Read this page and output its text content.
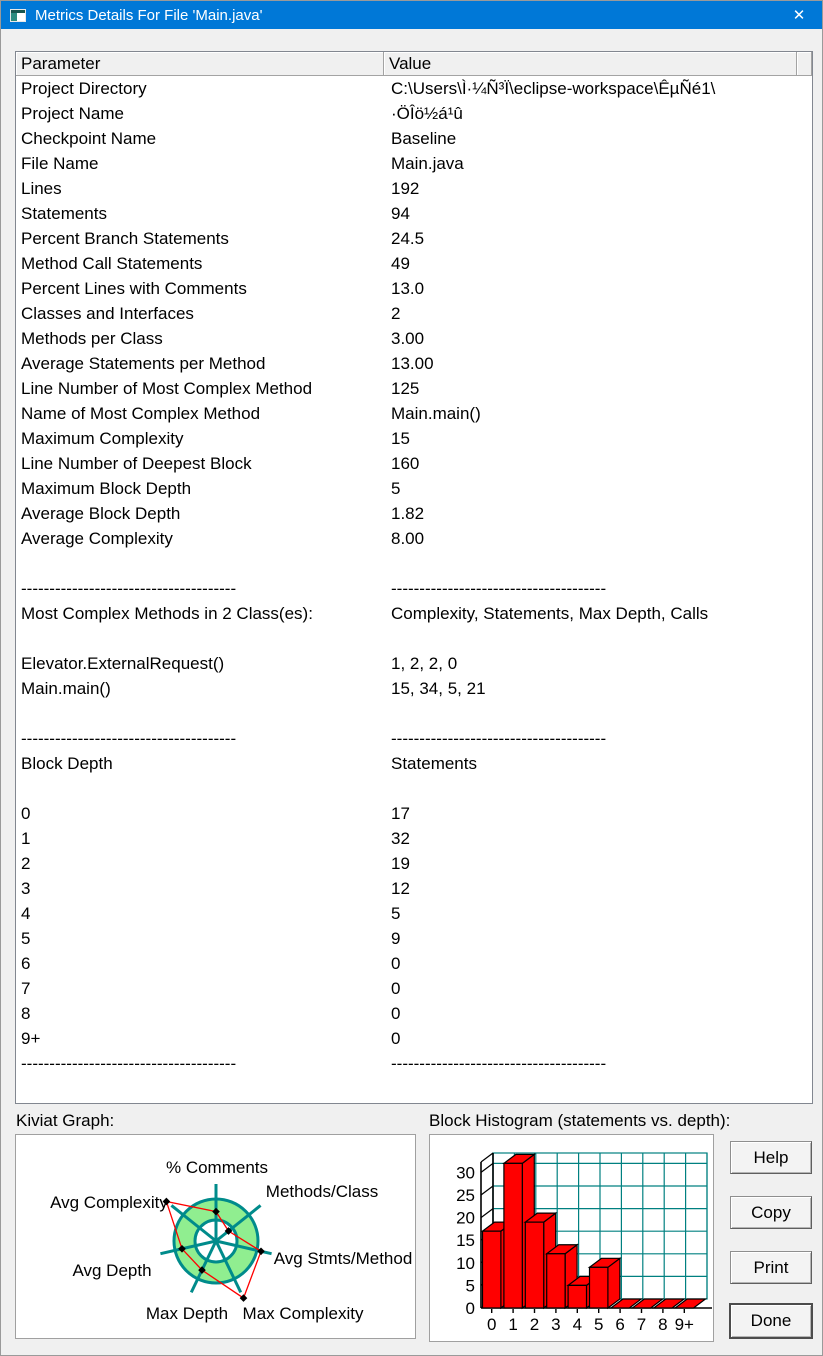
Metrics Details For File 'Main.java'	✕
Parameter	Value
Project Directory	C:\Users\Ì·¼Ñ³Ï\eclipse-workspace\ÊµÑé1\
Project Name	·ÖÎö½á¹û
Checkpoint Name	Baseline
File Name	Main.java
Lines	192
Statements	94
Percent Branch Statements	24.5
Method Call Statements	49
Percent Lines with Comments	13.0
Classes and Interfaces	2
Methods per Class	3.00
Average Statements per Method	13.00
Line Number of Most Complex Method	125
Name of Most Complex Method	Main.main()
Maximum Complexity	15
Line Number of Deepest Block	160
Maximum Block Depth	5
Average Block Depth	1.82
Average Complexity	8.00
--------------------------------------	--------------------------------------
Most Complex Methods in 2 Class(es):	Complexity, Statements, Max Depth, Calls
Elevator.ExternalRequest()	1, 2, 2, 0
Main.main()	15, 34, 5, 21
--------------------------------------	--------------------------------------
Block Depth	Statements
0	17
1	32
2	19
3	12
4	5
5	9
6	0
7	0
8	0
9+	0
--------------------------------------	--------------------------------------
Kiviat Graph:
% Comments
Methods/Class
Avg Stmts/Method
Max Complexity
Max Depth
Avg Depth
Avg Complexity
Block Histogram (statements vs. depth):
0
5
10
15
20
25
30
0 1 2 3 4 5 6 7 8 9+
Help
Copy
Print
Done
